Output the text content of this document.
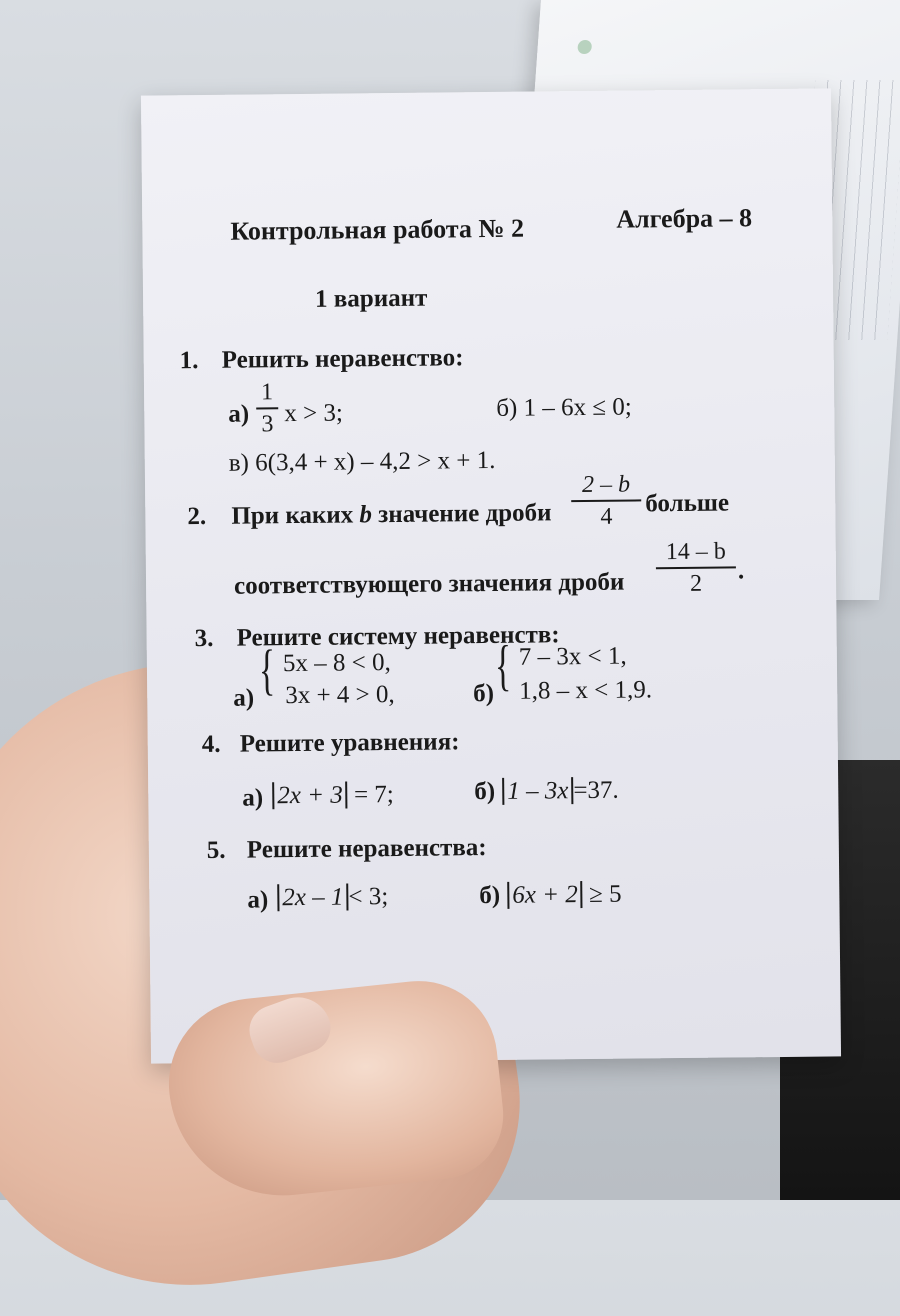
Контрольная работа № 2	Алгебра – 8
1 вариант
1. Решить неравенство:
а)
1
3 x > 3;	б) 1 – 6x ≤ 0;
в) 6(3,4 + x) – 4,2 > x + 1.
2. При каких b значение дроби
2 – b
4	больше
соответствующего значения дроби
14 – b
2	.
3. Решите систему неравенств:
а) { 5x – 8 < 0,
3x + 4 > 0,	б) { 7 – 3x < 1,
1,8 – x < 1,9.
4. Решите уравнения:
а) 2x + 3 = 7;	б) 1 – 3x =37.
5. Решите неравенства:
а) 2x – 1 < 3;	б) 6x + 2 ≥ 5
